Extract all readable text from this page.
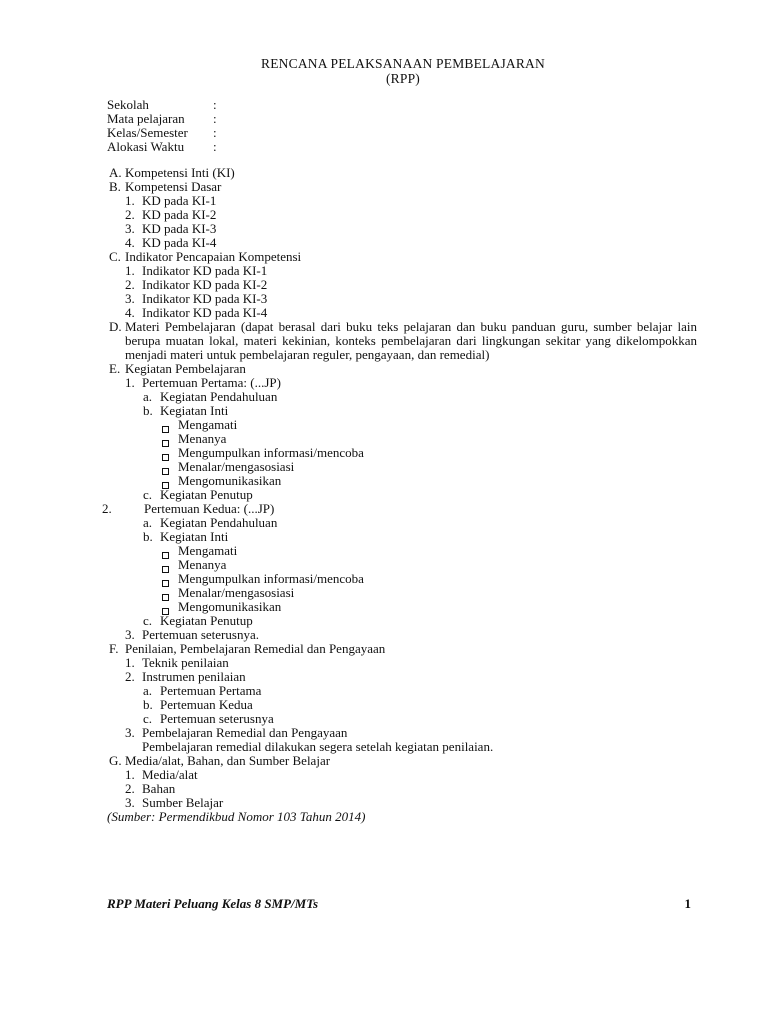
RENCANA PELAKSANAAN PEMBELAJARAN
(RPP)
Sekolah	:
Mata pelajaran :
Kelas/Semester :
Alokasi Waktu :
A. Kompetensi Inti (KI)
B. Kompetensi Dasar
1. KD pada KI-1
2. KD pada KI-2
3. KD pada KI-3
4. KD pada KI-4
C. Indikator Pencapaian Kompetensi
1. Indikator KD pada KI-1
2. Indikator KD pada KI-2
3. Indikator KD pada KI-3
4. Indikator KD pada KI-4
D. Materi Pembelajaran (dapat berasal dari buku teks pelajaran dan buku panduan guru, sumber belajar lain berupa muatan lokal, materi kekinian, konteks pembelajaran dari lingkungan sekitar yang dikelompokkan menjadi materi untuk pembelajaran reguler, pengayaan, dan remedial)
E. Kegiatan Pembelajaran
1. Pertemuan Pertama: (...JP)
a. Kegiatan Pendahuluan
b. Kegiatan Inti
Mengamati
Menanya
Mengumpulkan informasi/mencoba
Menalar/mengasosiasi
Mengomunikasikan
c. Kegiatan Penutup
2. Pertemuan Kedua: (...JP)
a. Kegiatan Pendahuluan
b. Kegiatan Inti
Mengamati
Menanya
Mengumpulkan informasi/mencoba
Menalar/mengasosiasi
Mengomunikasikan
c. Kegiatan Penutup
3. Pertemuan seterusnya.
F. Penilaian, Pembelajaran Remedial dan Pengayaan
1. Teknik penilaian
2. Instrumen penilaian
a. Pertemuan Pertama
b. Pertemuan Kedua
c. Pertemuan seterusnya
3. Pembelajaran Remedial dan Pengayaan
Pembelajaran remedial dilakukan segera setelah kegiatan penilaian.
G. Media/alat, Bahan, dan Sumber Belajar
1. Media/alat
2. Bahan
3. Sumber Belajar
(Sumber: Permendikbud Nomor 103 Tahun 2014)
RPP Materi Peluang Kelas 8 SMP/MTs	1
